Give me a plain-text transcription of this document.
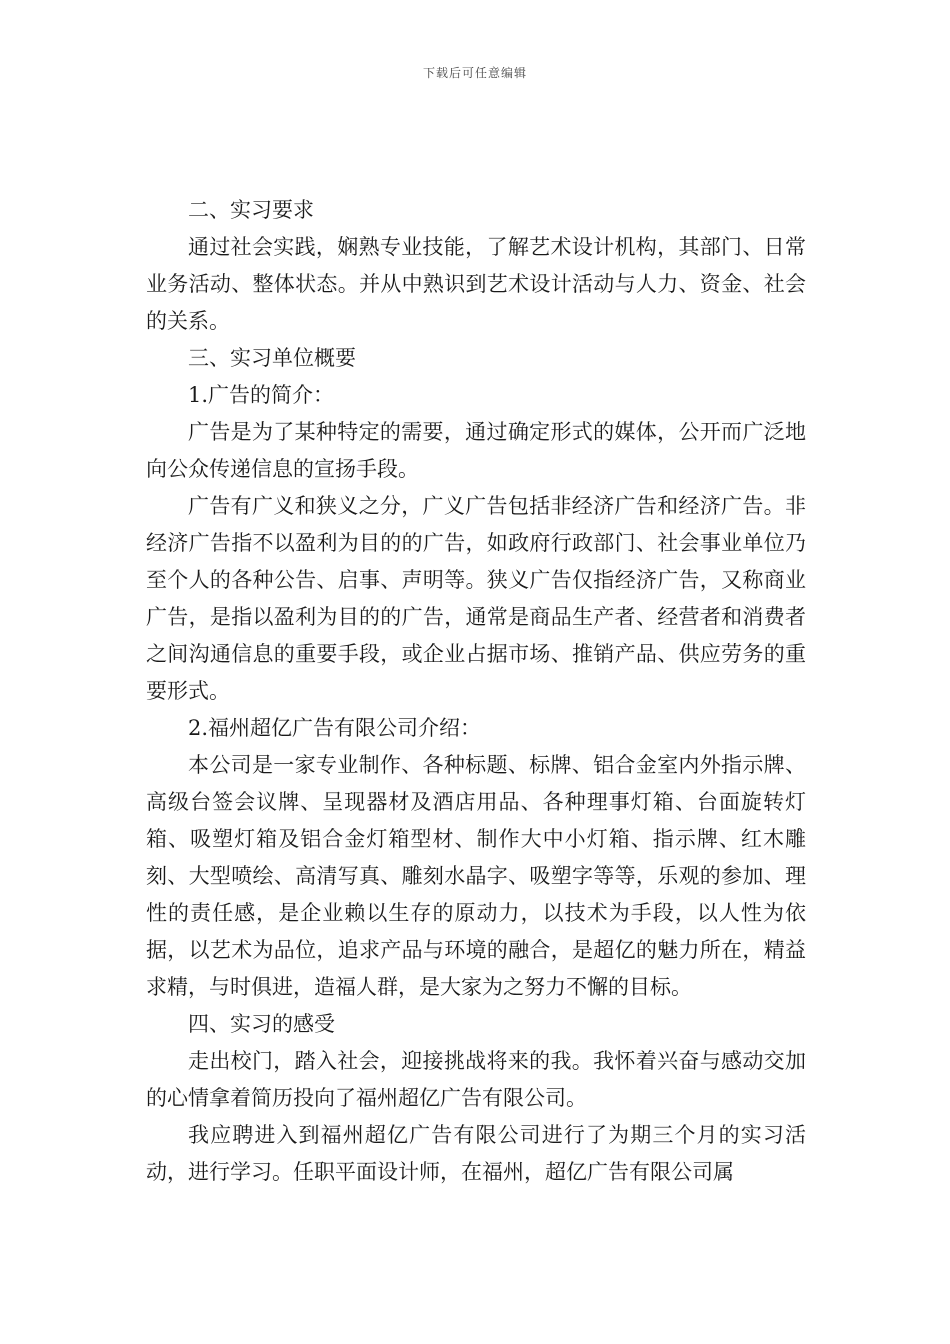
下载后可任意编辑

二、实习要求

通过社会实践，娴熟专业技能，了解艺术设计机构，其部门、日常业务活动、整体状态。并从中熟识到艺术设计活动与人力、资金、社会的关系。

三、实习单位概要

1.广告的简介：

广告是为了某种特定的需要，通过确定形式的媒体，公开而广泛地向公众传递信息的宣扬手段。

广告有广义和狭义之分，广义广告包括非经济广告和经济广告。非经济广告指不以盈利为目的的广告，如政府行政部门、社会事业单位乃至个人的各种公告、启事、声明等。狭义广告仅指经济广告，又称商业广告，是指以盈利为目的的广告，通常是商品生产者、经营者和消费者之间沟通信息的重要手段，或企业占据市场、推销产品、供应劳务的重要形式。

2.福州超亿广告有限公司介绍：

本公司是一家专业制作、各种标题、标牌、铝合金室内外指示牌、高级台签会议牌、呈现器材及酒店用品、各种理事灯箱、台面旋转灯箱、吸塑灯箱及铝合金灯箱型材、制作大中小灯箱、指示牌、红木雕刻、大型喷绘、高清写真、雕刻水晶字、吸塑字等等，乐观的参加、理性的责任感，是企业赖以生存的原动力，以技术为手段，以人性为依据，以艺术为品位，追求产品与环境的融合，是超亿的魅力所在，精益求精，与时俱进，造福人群，是大家为之努力不懈的目标。

四、实习的感受

走出校门，踏入社会，迎接挑战将来的我。我怀着兴奋与感动交加的心情拿着简历投向了福州超亿广告有限公司。

我应聘进入到福州超亿广告有限公司进行了为期三个月的实习活动，进行学习。任职平面设计师，在福州，超亿广告有限公司属
